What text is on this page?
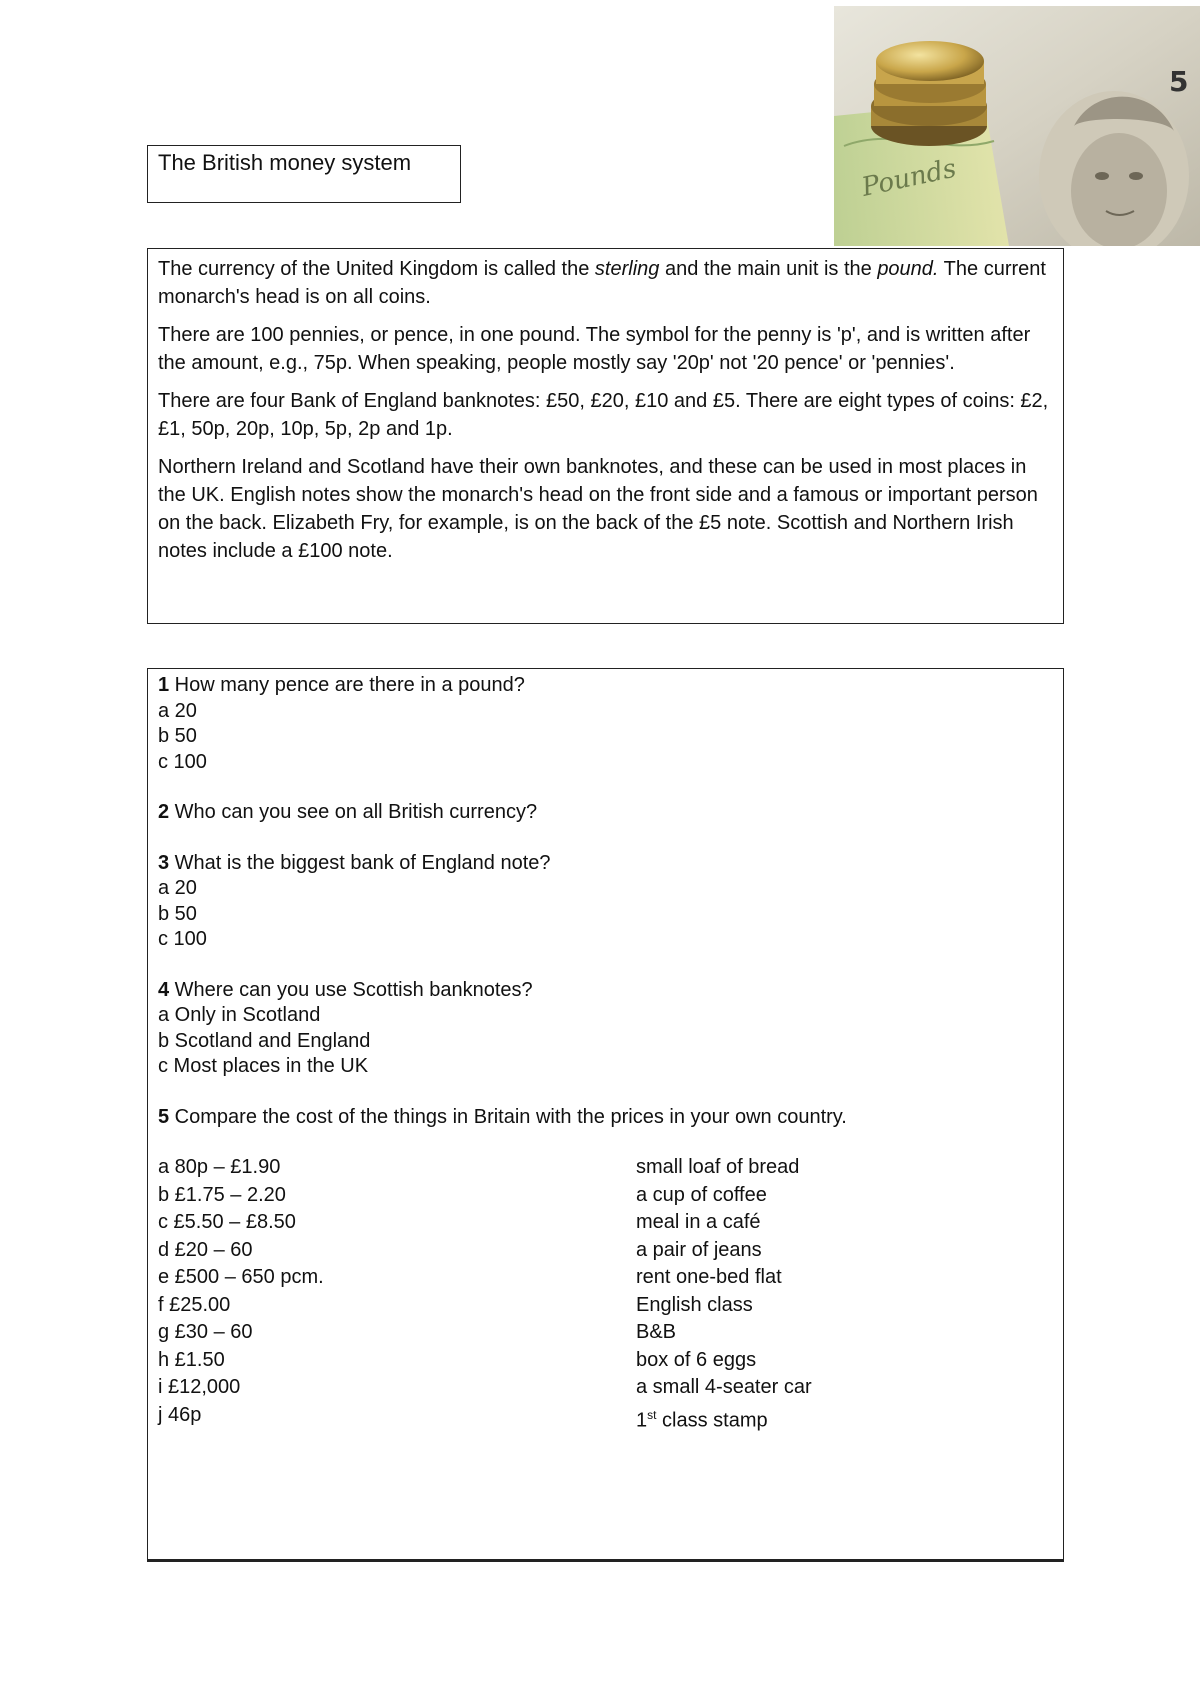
Pounds
5
The British money system

The currency of the United Kingdom is called the sterling and the main unit is the pound. The current monarch's head is on all coins.

There are 100 pennies, or pence, in one pound. The symbol for the penny is 'p', and is written after the amount, e.g., 75p. When speaking, people mostly say '20p' not '20 pence' or 'pennies'.

There are four Bank of England banknotes: £50, £20, £10 and £5. There are eight types of coins: £2, £1, 50p, 20p, 10p, 5p, 2p and 1p.

Northern Ireland and Scotland have their own banknotes, and these can be used in most places in the UK. English notes show the monarch's head on the front side and a famous or important person on the back. Elizabeth Fry, for example, is on the back of the £5 note. Scottish and Northern Irish notes include a £100 note.

1 How many pence are there in a pound?

a 20

b 50

c 100

2 Who can you see on all British currency?

3 What is the biggest bank of England note?

a 20

b 50

c 100

4 Where can you use Scottish banknotes?

a Only in Scotland

b Scotland and England

c Most places in the UK

5 Compare the cost of the things in Britain with the prices in your own country.

a 80p – £1.90	small loaf of bread
b £1.75 – 2.20	a cup of coffee
c £5.50 – £8.50	meal in a café
d £20 – 60	a pair of jeans
e £500 – 650 pcm.	rent one-bed flat
f £25.00	English class
g £30 – 60	B&B
h £1.50	box of 6 eggs
i £12,000	a small 4-seater car
j 46p	1st class stamp
